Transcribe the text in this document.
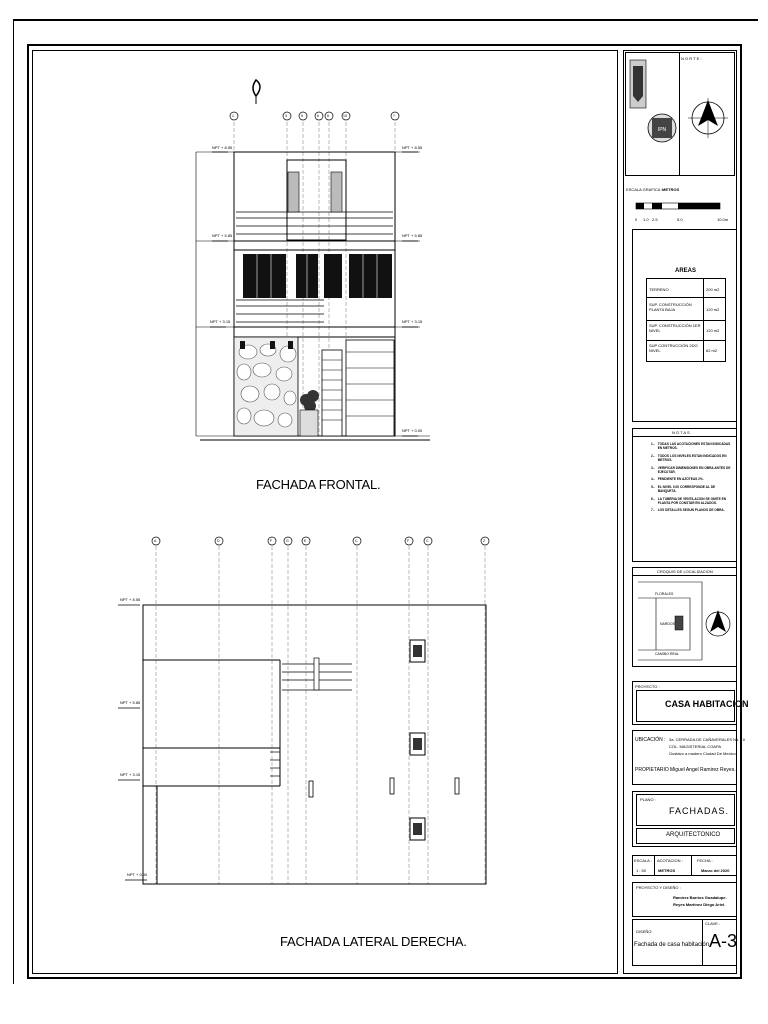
1	3	5	6 8	10	7
NPT + 8.55
NPT + 5.85
NPT + 3.15
NPT + 8.55
NPT + 5.85
NPT + 3.15
NPT + 0.00
FACHADA FRONTAL.
A	D	F	G	E	C	F	C	Z
NPT + 8.55
NPT + 5.85
NPT + 3.15
NPT + 0.00
FACHADA LATERAL DERECHA.
IPN
N O R T E :
ESCALA GRAFICA : METROS
0 1.0 2.5	5.0	10.0m
AREAS
TERRENO	200 m2
SUP. CONSTRUCCIÓN PLANTA BAJA	120 m2
SUP. CONSTRUCCIÓN 1ER NIVEL	120 m2
SUP CONTRUCCIÓN 2DO NIVEL	62 m2
N O T A S
1.- TODAS LAS ACOTACIONES ESTAN INDICADAS EN METROS.
2.- TODOS LOS NIVELES ESTAN INDICADOS EN METROS.
3.- VERIFICAR DIMENSIONES EN OBRA ANTES DE EJECUTAR.
4.- PENDIENTE EN AZOTEAS 2%.
5.- EL NIVEL 0.00 CORRESPONDE AL DE BANQUETA.
6.- LA TUBERIA DE VENTILACION SE OMITE EN PLANTA POR CONSTAR EN ALZADOS.
7.- LOS DETALLES SEGUN PLANOS DE OBRA.
CROQUIS DE LOCALIZACION
FLORALES
CAMINO REAL
NARDOS
PROYECTO :
CASA HABITACION
UBICACIÓN : 3a. CERRADA DE CAÑAVERALES No. 10
COL. MAGISTERIAL COAPA
Gustavo a madero Ciudad De Mexico.
PROPIETARIO :
Miguel Angel Ramirez Reyes.
PLANO :
FACHADAS.
ARQUITECTONICO
ESCALA :
1 : 50
ACOTACION :
METROS
FECHA :
Marzo del 2020
PROYECTO Y DISEÑO :
Ramirez Barrios Guadalupe.
Reyes Martinez Diego Ariel.
DISEÑO:
Fachada de casa habitación
CLAVE :
A-3
